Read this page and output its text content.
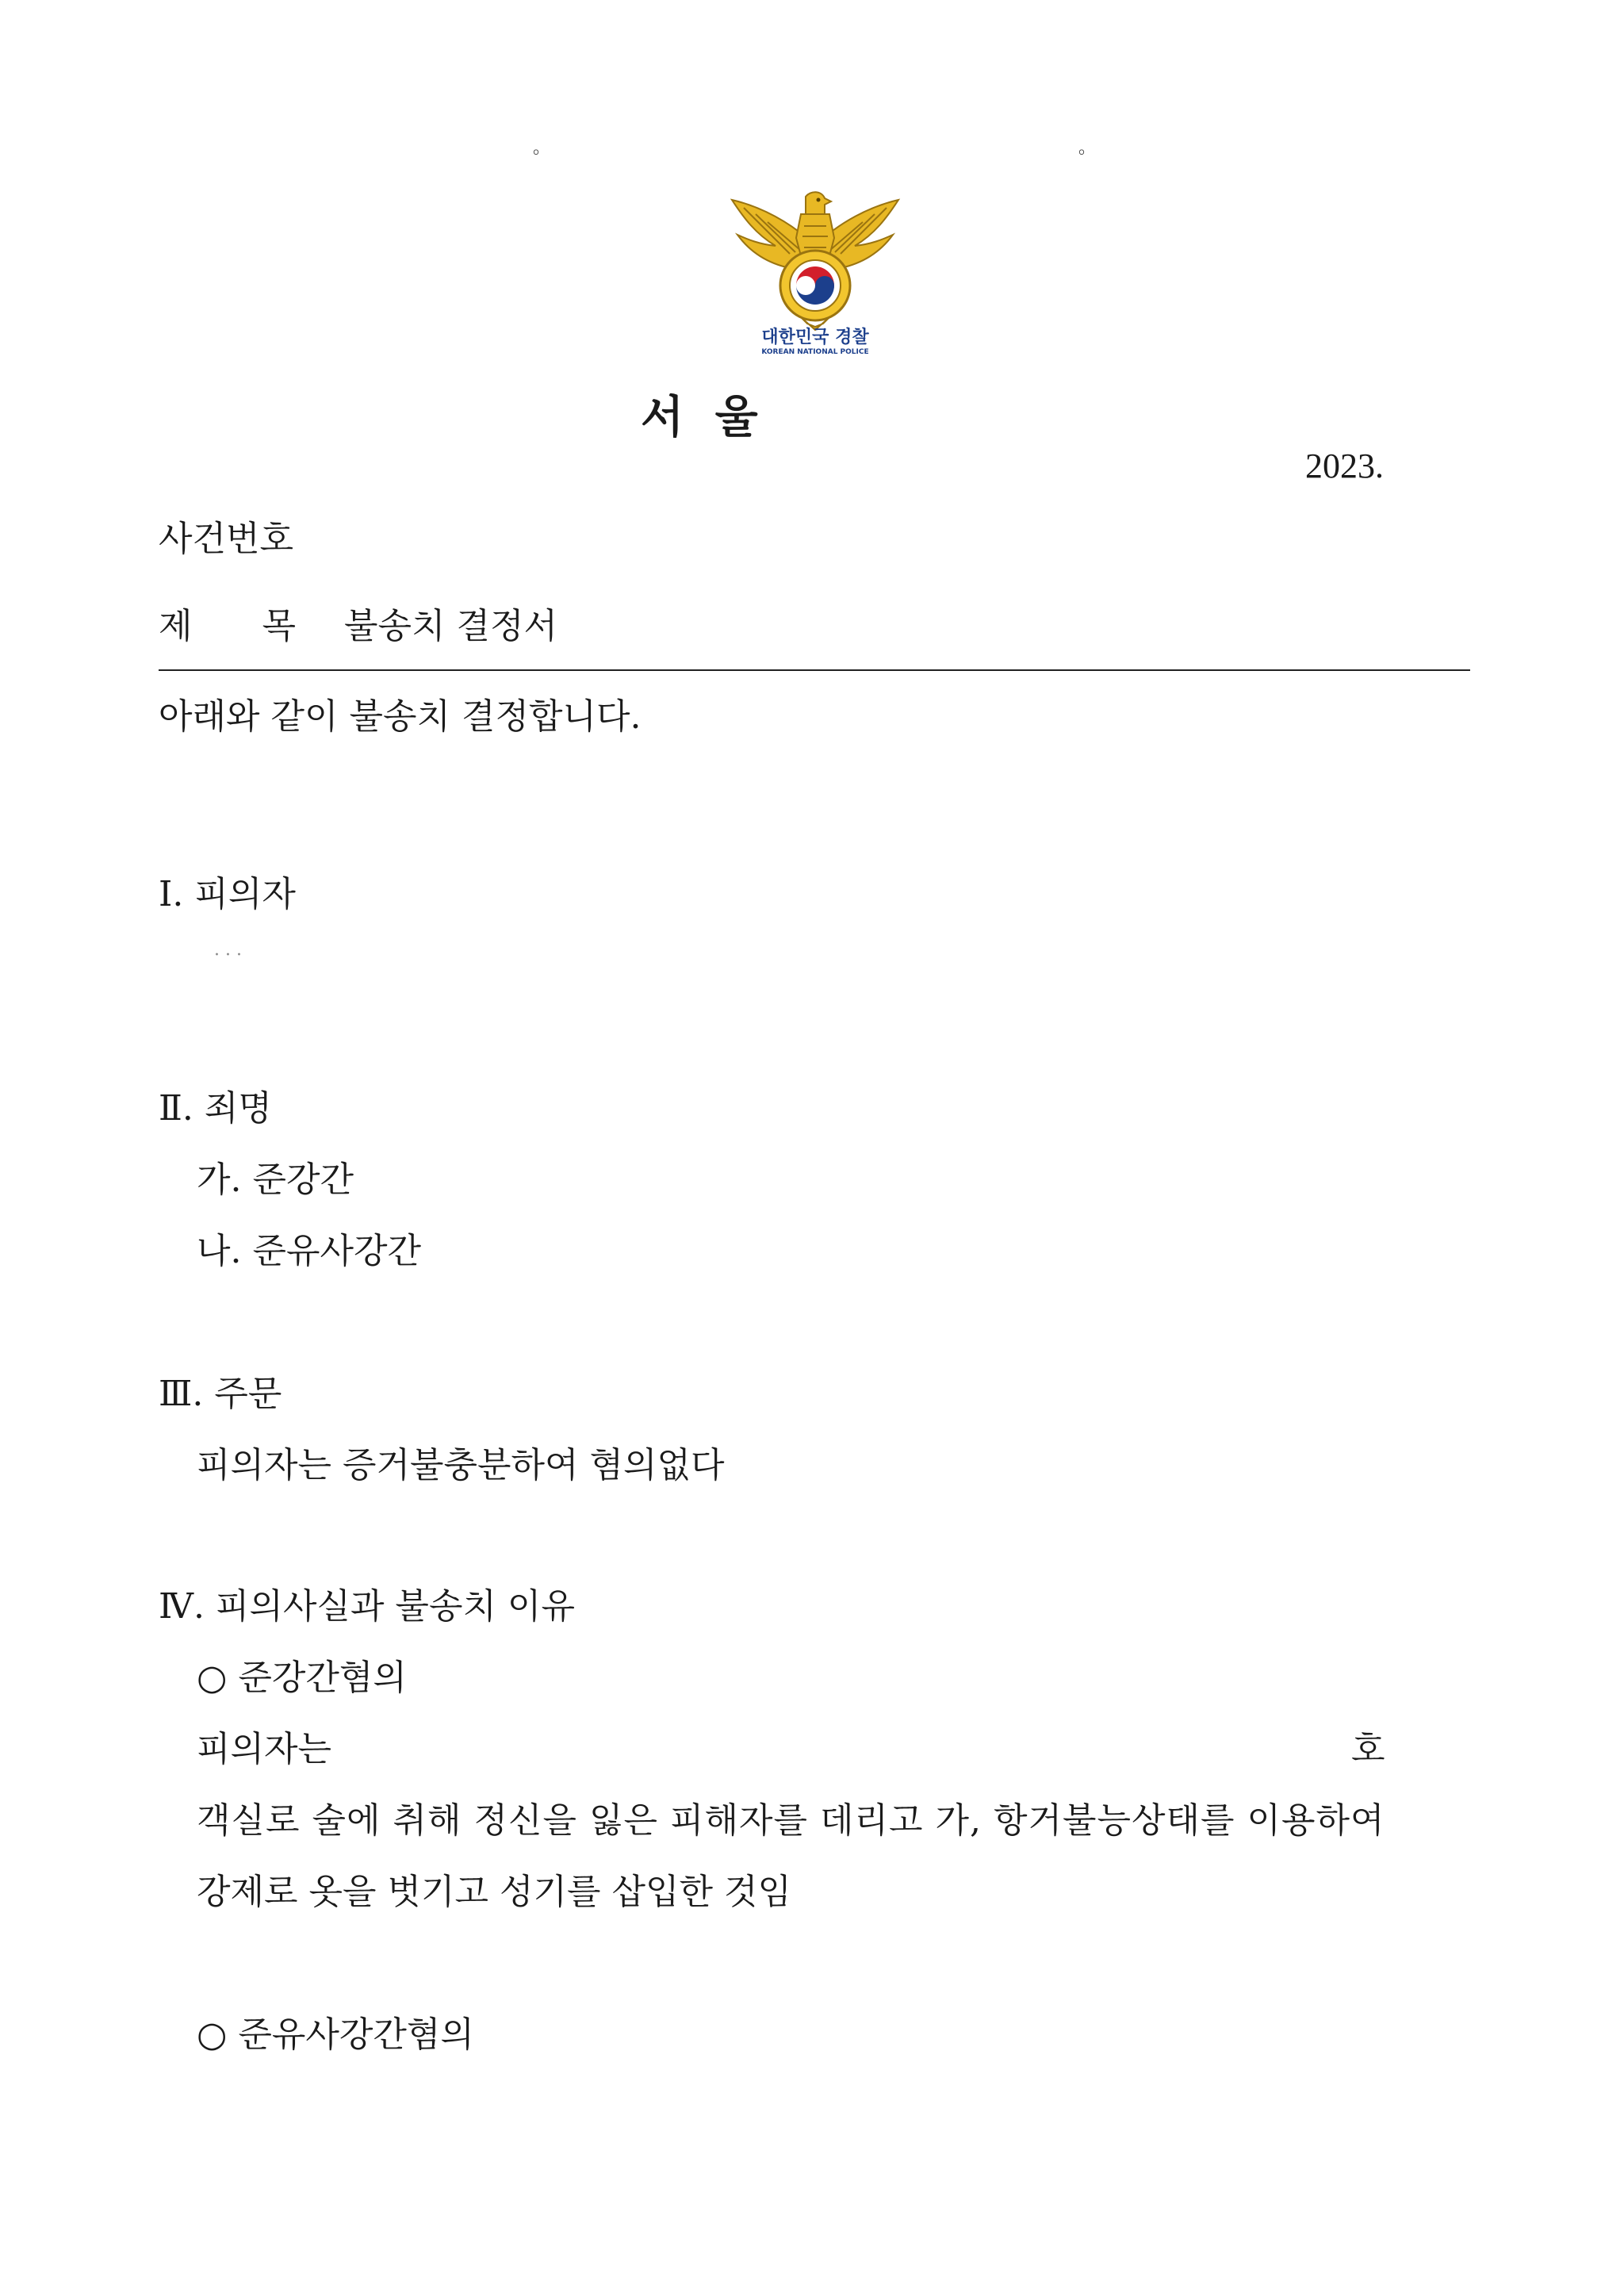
。	。
대한민국 경찰
KOREAN NATIONAL POLICE
서 울
2023.
사건번호
제　　목 불송치 결정서
아래와 같이 불송치 결정합니다.
Ⅰ. 피의자
· · ·
Ⅱ. 죄명
가. 준강간
나. 준유사강간
Ⅲ. 주문
피의자는 증거불충분하여 혐의없다
Ⅳ. 피의사실과 불송치 이유
○ 준강간혐의
피의자는	호
객실로 술에 취해 정신을 잃은 피해자를 데리고 가, 항거불능상태를 이용하여
강제로 옷을 벗기고 성기를 삽입한 것임
○ 준유사강간혐의
